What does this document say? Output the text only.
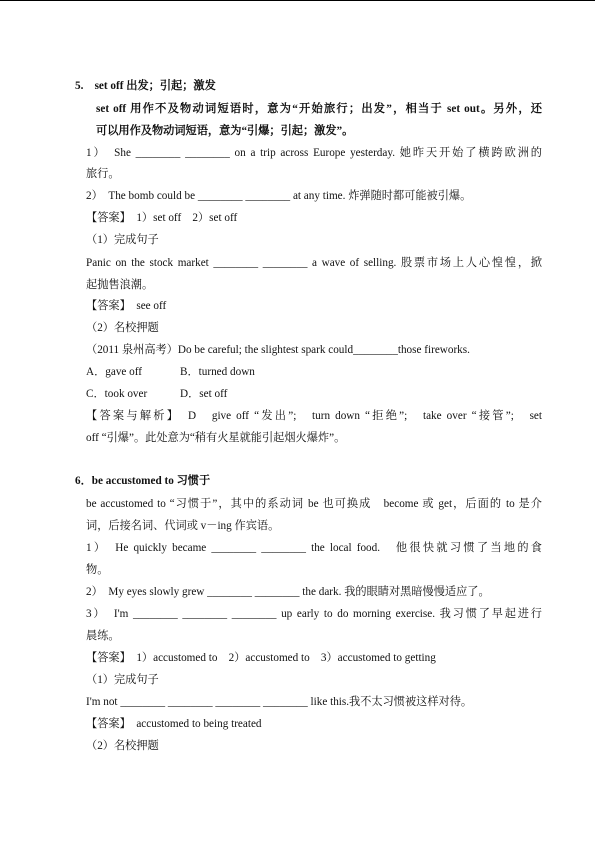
5.　set off 出发；引起；激发
set off 用作不及物动词短语时，意为“开始旅行；出发”，相当于 set out。另外，还
可以用作及物动词短语，意为“引爆；引起；激发”。
1）　She ________ ________ on a trip across Europe yesterday. 她昨天开始了横跨欧洲的
旅行。
2）　The bomb could be ________ ________ at any time. 炸弹随时都可能被引爆。
【答案】　1）set off　2）set off
（1）完成句子
Panic on the stock market ________ ________ a wave of selling. 股票市场上人心惶惶，掀
起抛售浪潮。
【答案】　see off
（2）名校押题
（2011 泉州高考）Do be careful; the slightest spark could________those fireworks.
A．gave off	B．turned down
C．took over	D．set off
【答案与解析】　D　give off “发出”;　turn down “拒绝”;　take over “接管”;　set
off “引爆”。此处意为“稍有火星就能引起烟火爆炸”。
6．be accustomed to 习惯于
be accustomed to “习惯于”，其中的系动词 be 也可换成　become 或 get，后面的 to 是介
词，后接名词、代词或 v－ing 作宾语。
1）　He quickly became ________ ________ the local food.　他很快就习惯了当地的食
物。
2）　My eyes slowly grew ________ ________ the dark. 我的眼睛对黑暗慢慢适应了。
3）　I'm ________ ________ ________ up early to do morning exercise. 我习惯了早起进行
晨练。
【答案】　1）accustomed to　2）accustomed to　3）accustomed to getting
（1）完成句子
I'm not ________ ________ ________ ________ like this.我不太习惯被这样对待。
【答案】　accustomed to being treated
（2）名校押题
